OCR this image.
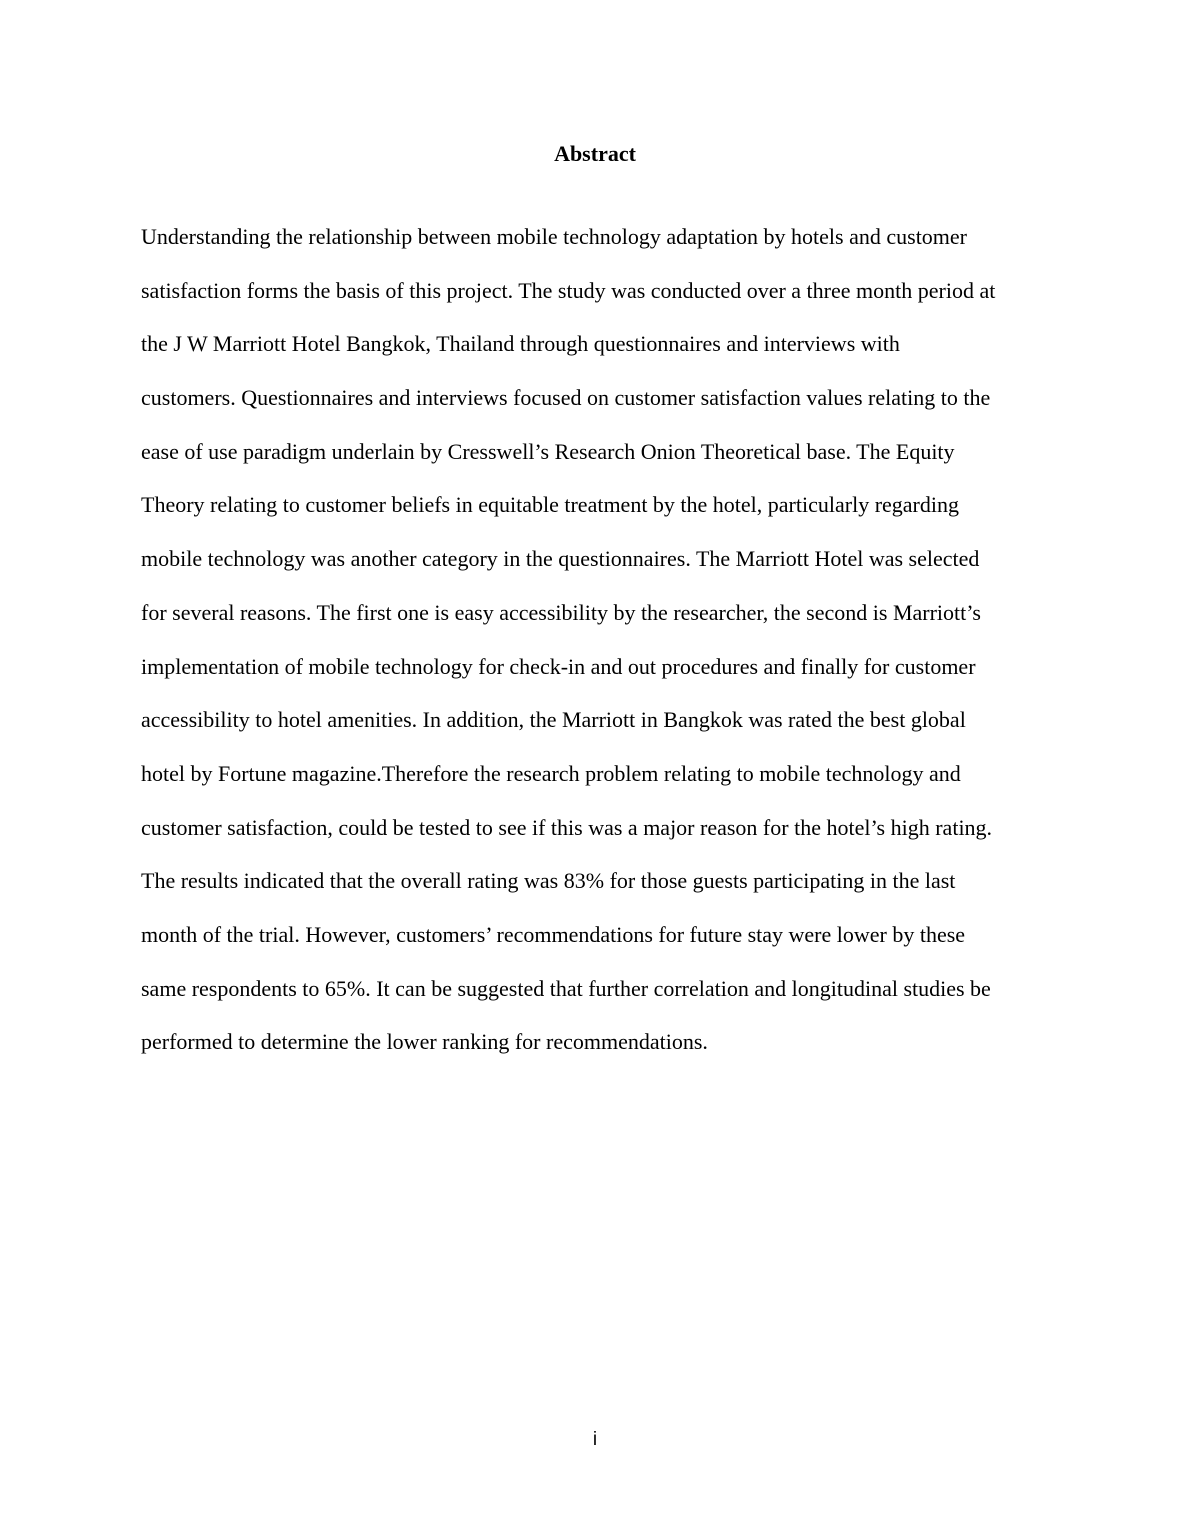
Abstract
Understanding the relationship between mobile technology adaptation by hotels and customer
satisfaction forms the basis of this project. The study was conducted over a three month period at
the J W Marriott Hotel Bangkok, Thailand through questionnaires and interviews with
customers. Questionnaires and interviews focused on customer satisfaction values relating to the
ease of use paradigm underlain by Cresswell’s Research Onion Theoretical base. The Equity
Theory relating to customer beliefs in equitable treatment by the hotel, particularly regarding
mobile technology was another category in the questionnaires. The Marriott Hotel was selected
for several reasons. The first one is easy accessibility by the researcher, the second is Marriott’s
implementation of mobile technology for check-in and out procedures and finally for customer
accessibility to hotel amenities. In addition, the Marriott in Bangkok was rated the best global
hotel by Fortune magazine.Therefore the research problem relating to mobile technology and
customer satisfaction, could be tested to see if this was a major reason for the hotel’s high rating.
The results indicated that the overall rating was 83% for those guests participating in the last
month of the trial. However, customers’ recommendations for future stay were lower by these
same respondents to 65%. It can be suggested that further correlation and longitudinal studies be
performed to determine the lower ranking for recommendations.
i
